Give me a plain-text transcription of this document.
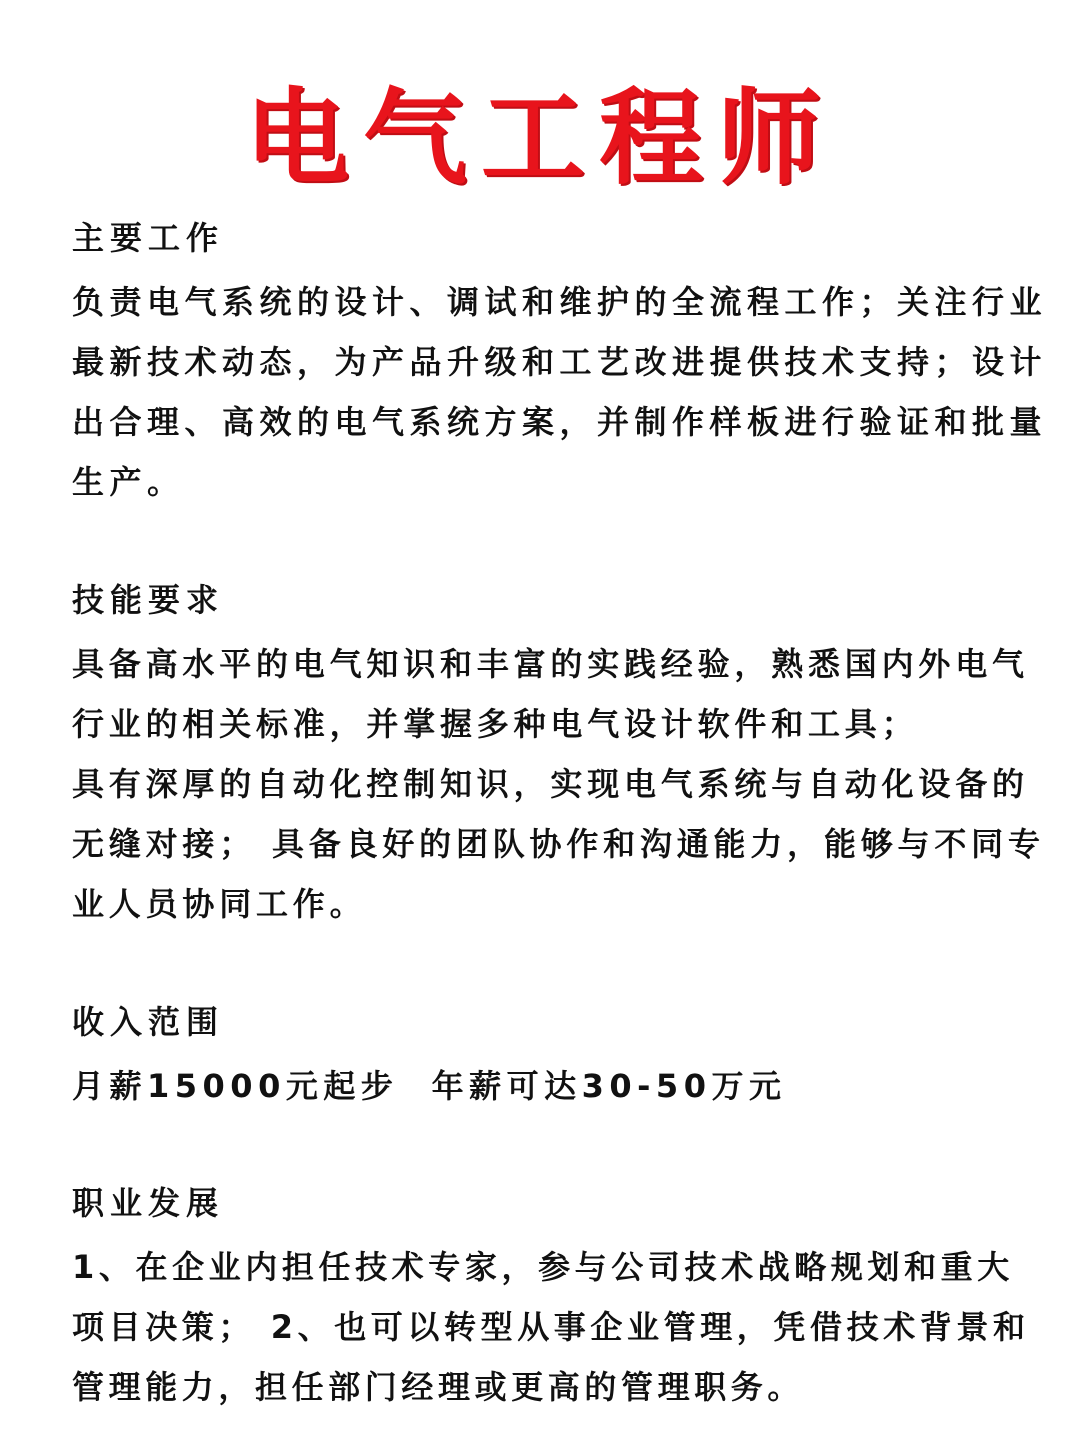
电气工程师

主要工作

负责电气系统的设计、调试和维护的全流程工作；关注行业最新技术动态，为产品升级和工艺改进提供技术支持；设计出合理、高效的电气系统方案，并制作样板进行验证和批量生产。

技能要求

具备高水平的电气知识和丰富的实践经验，熟悉国内外电气行业的相关标准，并掌握多种电气设计软件和工具；

具有深厚的自动化控制知识，实现电气系统与自动化设备的无缝对接； 具备良好的团队协作和沟通能力，能够与不同专业人员协同工作。

收入范围

月薪15000元起步  年薪可达30-50万元

职业发展

1、在企业内担任技术专家，参与公司技术战略规划和重大项目决策； 2、也可以转型从事企业管理，凭借技术背景和管理能力，担任部门经理或更高的管理职务。
